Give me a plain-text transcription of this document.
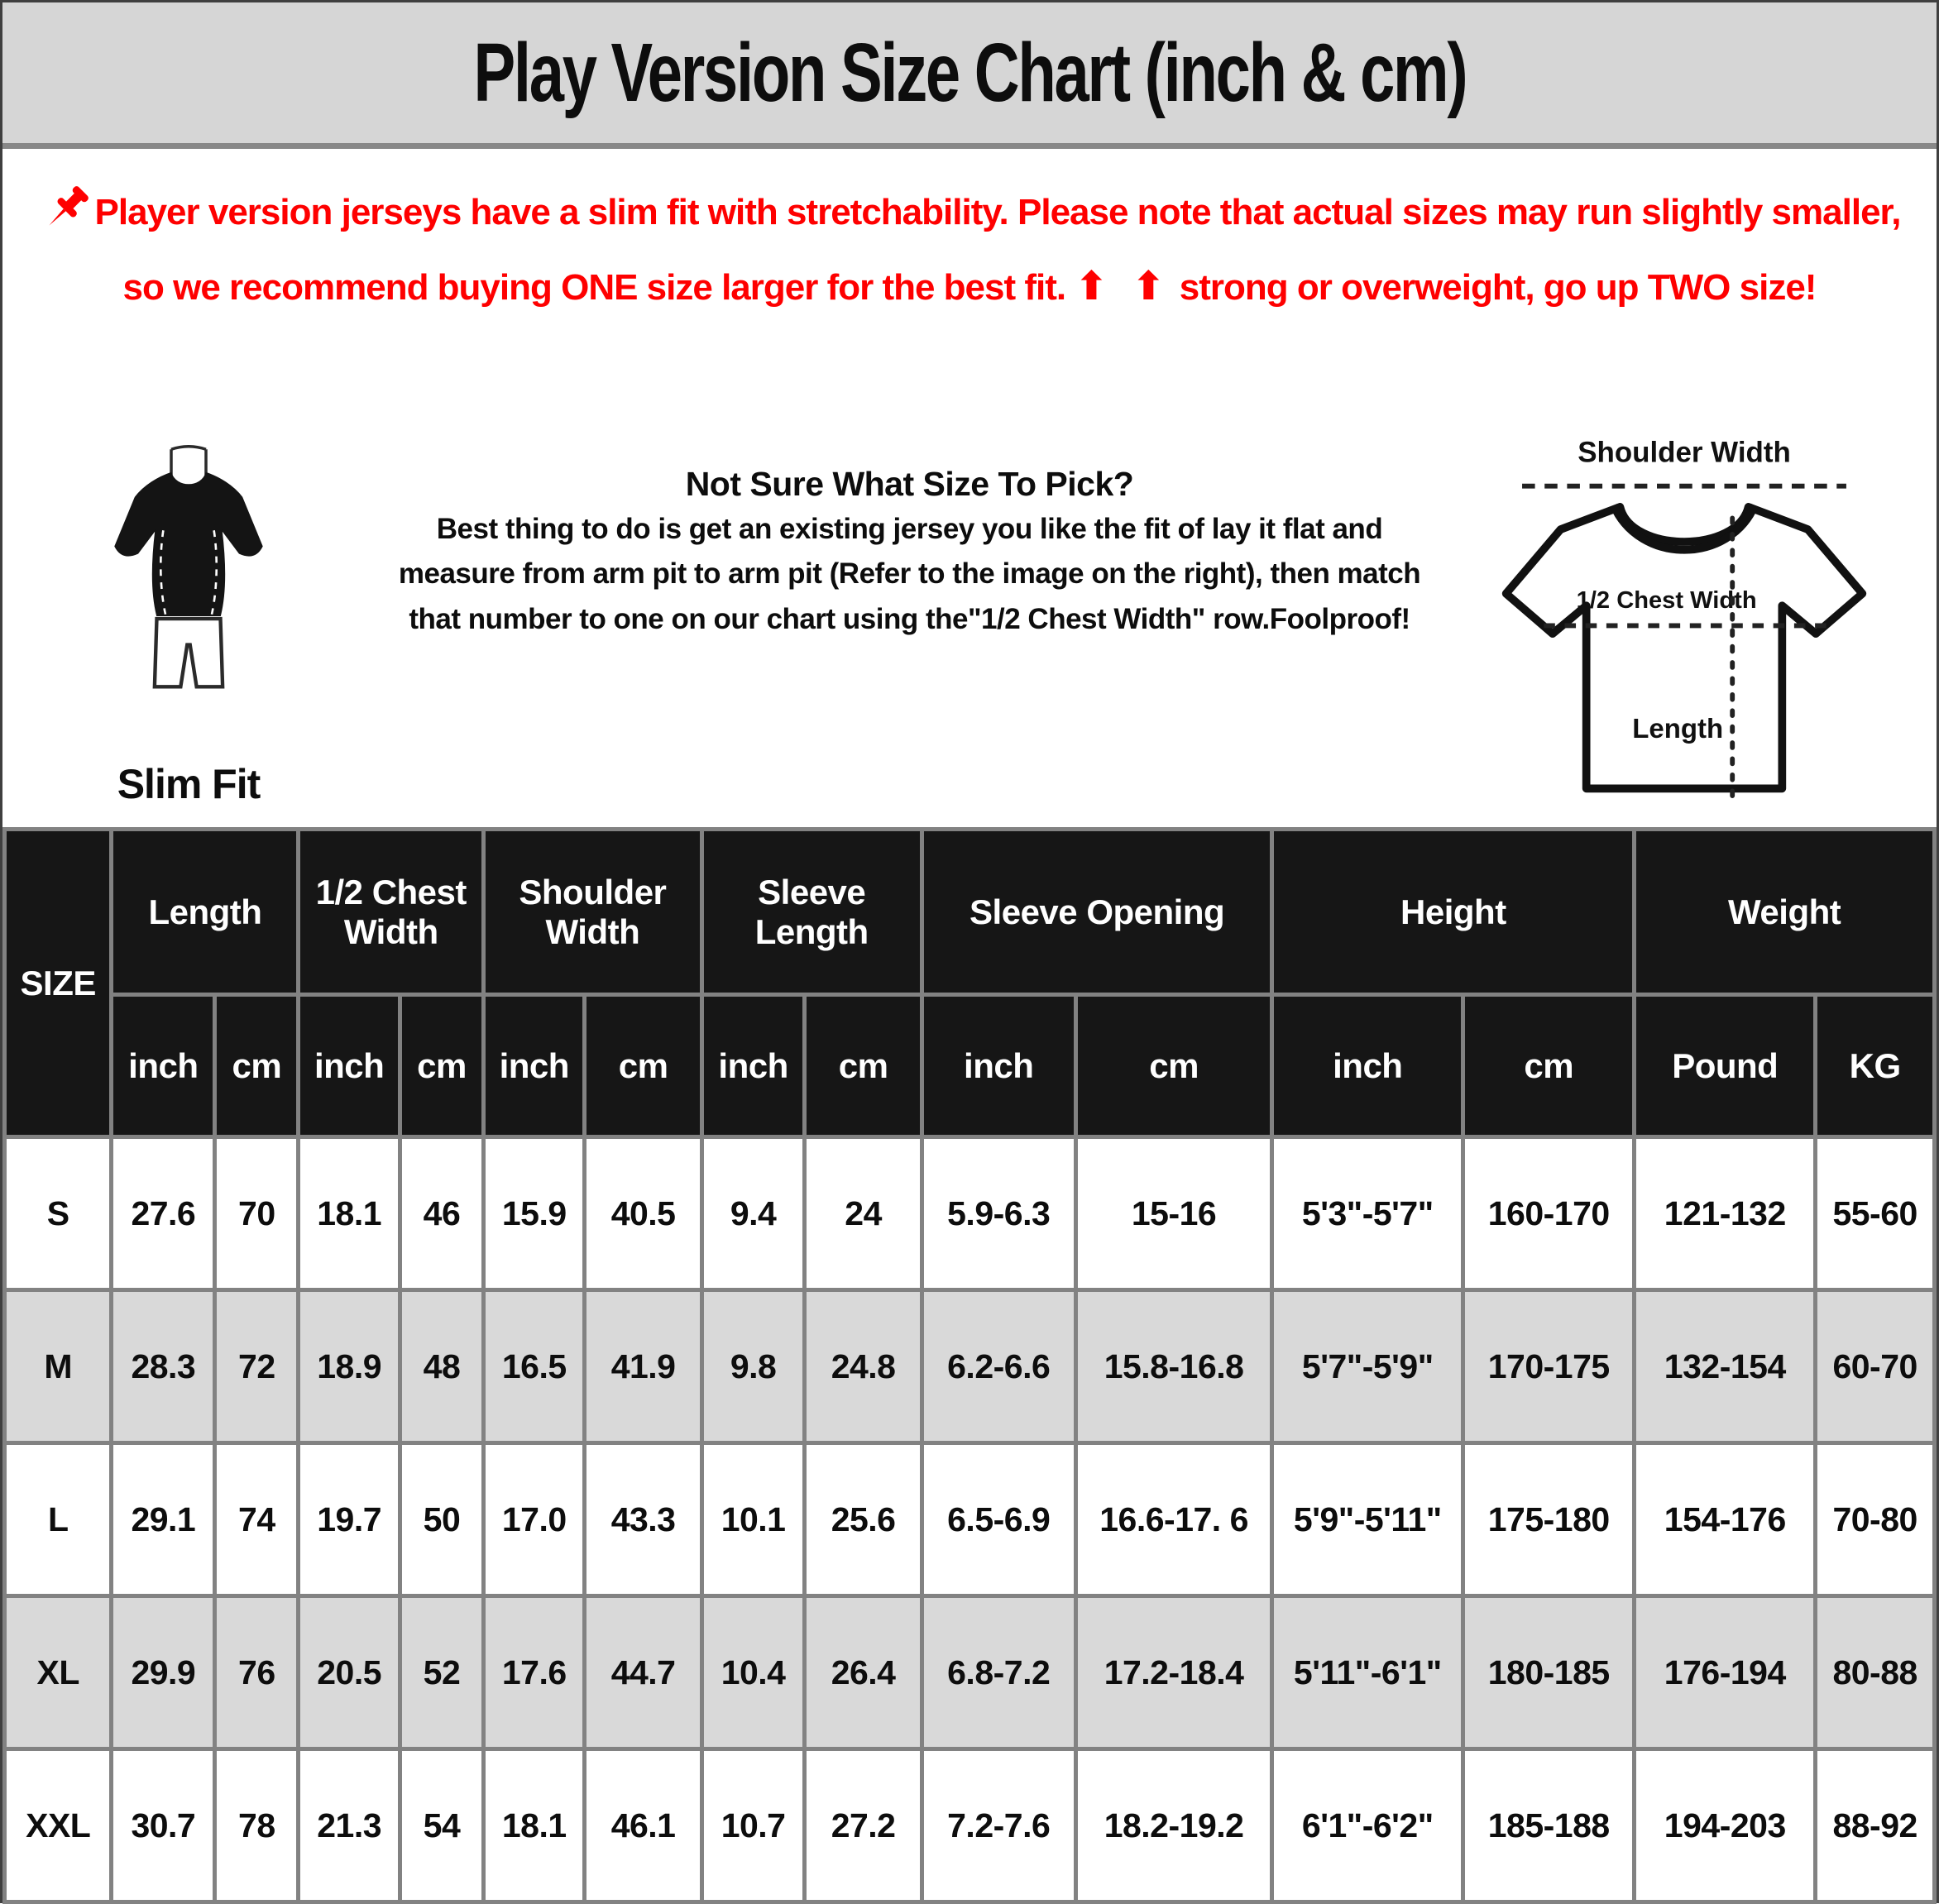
Play Version Size Chart (inch & cm)
Player version jerseys have a slim fit with stretchability. Please note that actual sizes may run slightly smaller, so we recommend buying ONE size larger for the best fit. ⬆ ⬆ strong or overweight, go up TWO size!
Slim Fit

Not Sure What Size To Pick?

Best thing to do is get an existing jersey you like the fit of lay it flat and measure from arm pit to arm pit (Refer to the image on the right), then match that number to one on our chart using the"1/2 Chest Width" row.Foolproof!

Shoulder Width
1/2 Chest Width
Length
SIZE	Length		1/2 Chest Width		Shoulder Width		Sleeve Length		Sleeve Opening		Height		Weight	
	inch	cm	inch	cm	inch	cm	inch	cm	inch	cm	inch	cm	Pound	KG
S	27.6	70	18.1	46	15.9	40.5	9.4	24	5.9-6.3	15-16	5'3"-5'7"	160-170	121-132	55-60
M	28.3	72	18.9	48	16.5	41.9	9.8	24.8	6.2-6.6	15.8-16.8	5'7"-5'9"	170-175	132-154	60-70
L	29.1	74	19.7	50	17.0	43.3	10.1	25.6	6.5-6.9	16.6-17. 6	5'9"-5'11"	175-180	154-176	70-80
XL	29.9	76	20.5	52	17.6	44.7	10.4	26.4	6.8-7.2	17.2-18.4	5'11"-6'1"	180-185	176-194	80-88
XXL	30.7	78	21.3	54	18.1	46.1	10.7	27.2	7.2-7.6	18.2-19.2	6'1"-6'2"	185-188	194-203	88-92
